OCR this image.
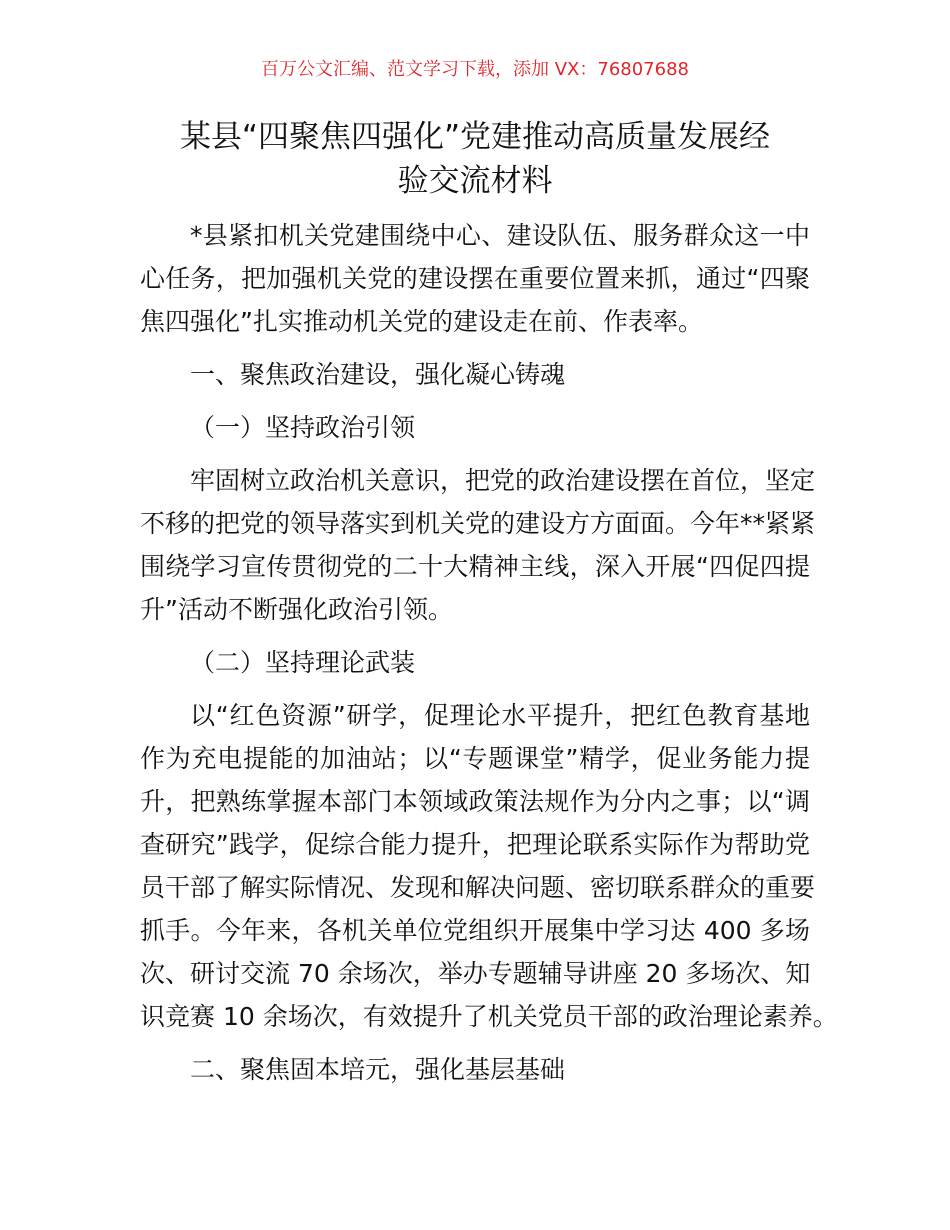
百万公文汇编、范文学习下载，添加 VX：76807688
某县“四聚焦四强化”党建推动高质量发展经
验交流材料
*县紧扣机关党建围绕中心、建设队伍、服务群众这一中
心任务，把加强机关党的建设摆在重要位置来抓，通过“四聚
焦四强化”扎实推动机关党的建设走在前、作表率。
一、聚焦政治建设，强化凝心铸魂
（一）坚持政治引领
牢固树立政治机关意识，把党的政治建设摆在首位，坚定
不移的把党的领导落实到机关党的建设方方面面。今年**紧紧
围绕学习宣传贯彻党的二十大精神主线，深入开展“四促四提
升”活动不断强化政治引领。
（二）坚持理论武装
以“红色资源”研学，促理论水平提升，把红色教育基地
作为充电提能的加油站；以“专题课堂”精学，促业务能力提
升，把熟练掌握本部门本领域政策法规作为分内之事；以“调
查研究”践学，促综合能力提升，把理论联系实际作为帮助党
员干部了解实际情况、发现和解决问题、密切联系群众的重要
抓手。今年来，各机关单位党组织开展集中学习达 400 多场
次、研讨交流 70 余场次，举办专题辅导讲座 20 多场次、知
识竞赛 10 余场次，有效提升了机关党员干部的政治理论素养。
二、聚焦固本培元，强化基层基础
